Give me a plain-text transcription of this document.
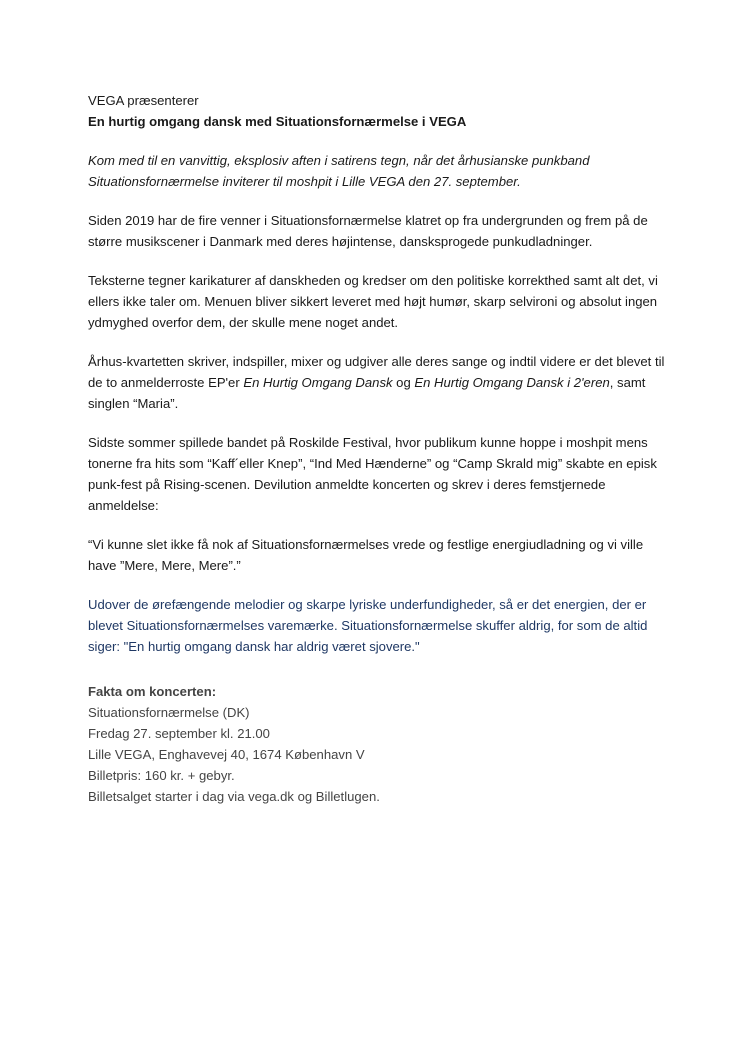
VEGA præsenterer
En hurtig omgang dansk med Situationsfornærmelse i VEGA

Kom med til en vanvittig, eksplosiv aften i satirens tegn, når det århusianske punkband Situationsfornærmelse inviterer til moshpit i Lille VEGA den 27. september.

Siden 2019 har de fire venner i Situationsfornærmelse klatret op fra undergrunden og frem på de større musikscener i Danmark med deres højintense, dansksprogede punkudladninger.

Teksterne tegner karikaturer af danskheden og kredser om den politiske korrekthed samt alt det, vi ellers ikke taler om. Menuen bliver sikkert leveret med højt humør, skarp selvironi og absolut ingen ydmyghed overfor dem, der skulle mene noget andet.

Århus-kvartetten skriver, indspiller, mixer og udgiver alle deres sange og indtil videre er det blevet til de to anmelderroste EP'er En Hurtig Omgang Dansk og En Hurtig Omgang Dansk i 2'eren, samt singlen “Maria”.

Sidste sommer spillede bandet på Roskilde Festival, hvor publikum kunne hoppe i moshpit mens tonerne fra hits som “Kaff´eller Knep”, “Ind Med Hænderne” og “Camp Skrald mig” skabte en episk punk-fest på Rising-scenen. Devilution anmeldte koncerten og skrev i deres femstjernede anmeldelse:

“Vi kunne slet ikke få nok af Situationsfornærmelses vrede og festlige energiudladning og vi ville have ”Mere, Mere, Mere”.”

Udover de ørefængende melodier og skarpe lyriske underfundigheder, så er det energien, der er blevet Situationsfornærmelses varemærke. Situationsfornærmelse skuffer aldrig, for som de altid siger: "En hurtig omgang dansk har aldrig været sjovere."

Fakta om koncerten:
Situationsfornærmelse (DK)
Fredag 27. september kl. 21.00
Lille VEGA, Enghavevej 40, 1674 København V
Billetpris: 160 kr. + gebyr.
Billetsalget starter i dag via vega.dk og Billetlugen.
